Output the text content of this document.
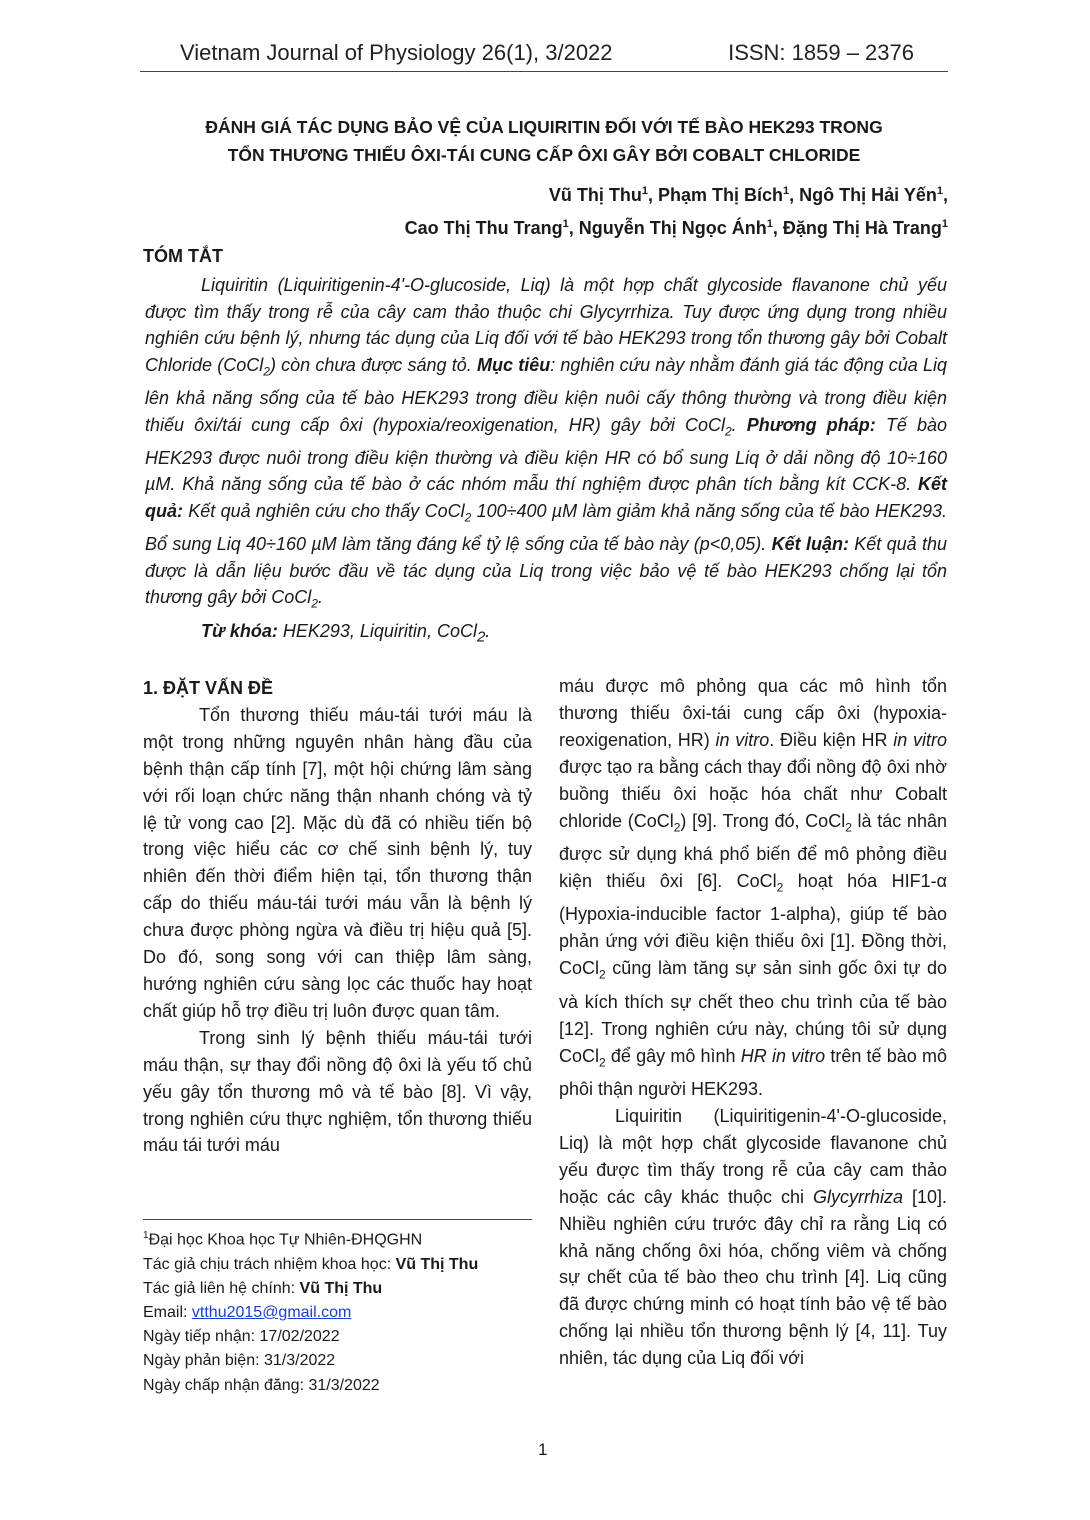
Vietnam Journal of Physiology 26(1), 3/2022	ISSN: 1859 – 2376
ĐÁNH GIÁ TÁC DỤNG BẢO VỆ CỦA LIQUIRITIN ĐỐI VỚI TẾ BÀO HEK293 TRONG
TỔN THƯƠNG THIẾU ÔXI-TÁI CUNG CẤP ÔXI GÂY BỞI COBALT CHLORIDE
Vũ Thị Thu$^1$, Phạm Thị Bích$^1$, Ngô Thị Hải Yến$^1$,
Cao Thị Thu Trang$^1$, Nguyễn Thị Ngọc Ánh$^1$, Đặng Thị Hà Trang$^1$
TÓM TẮT
Liquiritin (Liquiritigenin-4'-O-glucoside, Liq) là một hợp chất glycoside flavanone chủ yếu được tìm thấy trong rễ của cây cam thảo thuộc chi Glycyrrhiza. Tuy được ứng dụng trong nhiều nghiên cứu bệnh lý, nhưng tác dụng của Liq đối với tế bào HEK293 trong tổn thương gây bởi Cobalt Chloride (CoCl$_2$) còn chưa được sáng tỏ. Mục tiêu: nghiên cứu này nhằm đánh giá tác động của Liq lên khả năng sống của tế bào HEK293 trong điều kiện nuôi cấy thông thường và trong điều kiện thiếu ôxi/tái cung cấp ôxi (hypoxia/reoxigenation, HR) gây bởi CoCl$_2$. Phương pháp: Tế bào HEK293 được nuôi trong điều kiện thường và điều kiện HR có bổ sung Liq ở dải nồng độ 10÷160 µM. Khả năng sống của tế bào ở các nhóm mẫu thí nghiệm được phân tích bằng kít CCK-8. Kết quả: Kết quả nghiên cứu cho thấy CoCl$_2$ 100÷400 µM làm giảm khả năng sống của tế bào HEK293. Bổ sung Liq 40÷160 µM làm tăng đáng kể tỷ lệ sống của tế bào này (p<0,05). Kết luận: Kết quả thu được là dẫn liệu bước đầu về tác dụng của Liq trong việc bảo vệ tế bào HEK293 chống lại tổn thương gây bởi CoCl$_2$.
Từ khóa: HEK293, Liquiritin, CoCl$_2$.
1. ĐẶT VẤN ĐỀ

Tổn thương thiếu máu-tái tưới máu là một trong những nguyên nhân hàng đầu của bệnh thận cấp tính [7], một hội chứng lâm sàng với rối loạn chức năng thận nhanh chóng và tỷ lệ tử vong cao [2]. Mặc dù đã có nhiều tiến bộ trong việc hiểu các cơ chế sinh bệnh lý, tuy nhiên đến thời điểm hiện tại, tổn thương thận cấp do thiếu máu-tái tưới máu vẫn là bệnh lý chưa được phòng ngừa và điều trị hiệu quả [5]. Do đó, song song với can thiệp lâm sàng, hướng nghiên cứu sàng lọc các thuốc hay hoạt chất giúp hỗ trợ điều trị luôn được quan tâm.

Trong sinh lý bệnh thiếu máu-tái tưới máu thận, sự thay đổi nồng độ ôxi là yếu tố chủ yếu gây tổn thương mô và tế bào [8]. Vì vậy, trong nghiên cứu thực nghiệm, tổn thương thiếu máu tái tưới máu

máu được mô phỏng qua các mô hình tổn thương thiếu ôxi-tái cung cấp ôxi (hypoxia-reoxigenation, HR) in vitro. Điều kiện HR in vitro được tạo ra bằng cách thay đổi nồng độ ôxi nhờ buồng thiếu ôxi hoặc hóa chất như Cobalt chloride (CoCl$_2$) [9]. Trong đó, CoCl$_2$ là tác nhân được sử dụng khá phổ biến để mô phỏng điều kiện thiếu ôxi [6]. CoCl$_2$ hoạt hóa HIF1-α (Hypoxia-inducible factor 1-alpha), giúp tế bào phản ứng với điều kiện thiếu ôxi [1]. Đồng thời, CoCl$_2$ cũng làm tăng sự sản sinh gốc ôxi tự do và kích thích sự chết theo chu trình của tế bào [12]. Trong nghiên cứu này, chúng tôi sử dụng CoCl$_2$ để gây mô hình HR in vitro trên tế bào mô phôi thận người HEK293.

Liquiritin (Liquiritigenin-4'-O-glucoside, Liq) là một hợp chất glycoside flavanone chủ yếu được tìm thấy trong rễ của cây cam thảo hoặc các cây khác thuộc chi Glycyrrhiza [10]. Nhiều nghiên cứu trước đây chỉ ra rằng Liq có khả năng chống ôxi hóa, chống viêm và chống sự chết của tế bào theo chu trình [4]. Liq cũng đã được chứng minh có hoạt tính bảo vệ tế bào chống lại nhiều tổn thương bệnh lý [4, 11]. Tuy nhiên, tác dụng của Liq đối với

$^1$Đại học Khoa học Tự Nhiên-ĐHQGHN
Tác giả chịu trách nhiệm khoa học: Vũ Thị Thu
Tác giả liên hệ chính: Vũ Thị Thu
Email: vtthu2015@gmail.com
Ngày tiếp nhận: 17/02/2022
Ngày phản biện: 31/3/2022
Ngày chấp nhận đăng: 31/3/2022
1
